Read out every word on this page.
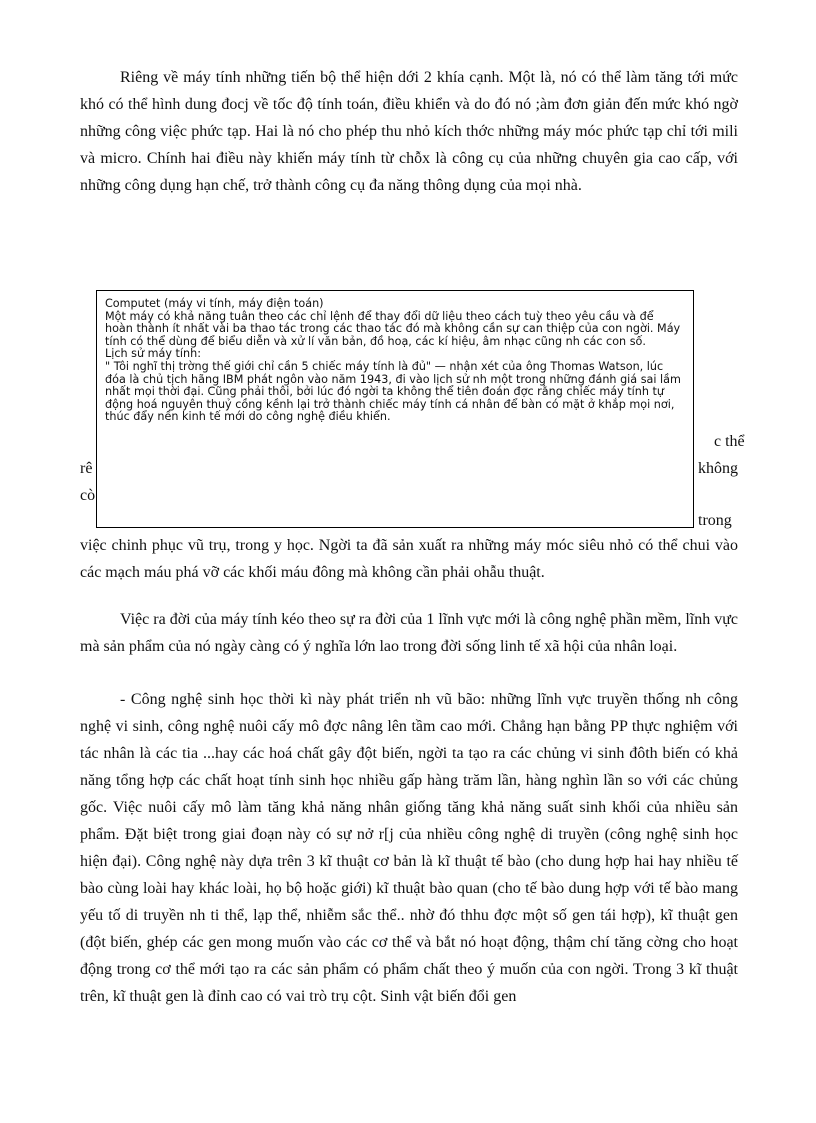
Riêng về máy tính những tiến bộ thể hiện dới 2 khía cạnh. Một là, nó có thể làm tăng tới mức khó có thể hình dung đocj về tốc độ tính toán, điều khiển và do đó nó ;àm đơn giản đến mức khó ngờ những công việc phức tạp. Hai là nó cho phép thu nhỏ kích thớc những máy móc phức tạp chỉ tới mili và micro. Chính hai điều này khiến máy tính từ chỗx là công cụ của những chuyên gia cao cấp, với những công dụng hạn chế, trở thành công cụ đa năng thông dụng của mọi nhà.

c thể
rê	không
cò
trong

Computet (máy vi tính, máy điện toán)

Một máy có khả năng tuân theo các chỉ lệnh để thay đổi dữ liệu theo cách tuỳ theo yêu cầu và để hoàn thành ít nhất vài ba thao tác trong các thao tác đó mà không cần sự can thiệp của con ngời. Máy tính có thể dùng để biểu diễn và xử lí văn bản, đồ hoạ, các kí hiệu, âm nhạc cũng nh các con số.

Lịch sử máy tính:

" Tôi nghĩ thị trờng thế giới chỉ cần 5 chiếc máy tính là đủ" — nhận xét của ông Thomas Watson, lúc đóa là chủ tịch hãng IBM phát ngôn vào năm 1943, đi vào lịch sử nh một trong những đánh giá sai lầm nhất mọi thời đại. Cũng phải thôi, bởi lúc đó ngời ta không thể tiên đoán đợc rằng chiếc máy tính tự động hoá nguyên thuỷ cồng kềnh lại trở thành chiếc máy tính cá nhân để bàn có mặt ở khắp mọi nơi, thúc đẩy nền kinh tế mới do công nghệ điều khiển.

việc chinh phục vũ trụ, trong y học. Ngời ta đã sản xuất ra những máy móc siêu nhỏ có thể chui vào các mạch máu phá vỡ các khối máu đông mà không cần phải ohẫu thuật.

Việc ra đời của máy tính kéo theo sự ra đời của 1 lĩnh vực mới là công nghệ phần mềm, lĩnh vực mà sản phẩm của nó ngày càng có ý nghĩa lớn lao trong đời sống linh tế xã hội của nhân loại.

- Công nghệ sinh học thời kì này phát triển nh vũ bão: những lĩnh vực truyền thống nh công nghệ vi sinh, công nghệ nuôi cấy mô đợc nâng lên tầm cao mới. Chẳng hạn bằng PP thực nghiệm với tác nhân là các tia ...hay các hoá chất gây đột biến, ngời ta tạo ra các chủng vi sinh đôth biến có khả năng tổng hợp các chất hoạt tính sinh học nhiều gấp hàng trăm lần, hàng nghìn lần so với các chủng gốc. Việc nuôi cấy mô làm tăng khả năng nhân giống tăng khả năng suất sinh khối của nhiều sản phẩm. Đặt biệt trong giai đoạn này có sự nở r[j của nhiều công nghệ di truyền (công nghệ sinh học hiện đại). Công nghệ này dựa trên 3 kĩ thuật cơ bản là kĩ thuật tế bào (cho dung hợp hai hay nhiều tế bào cùng loài hay khác loài, họ bộ hoặc giới) kĩ thuật bào quan (cho tế bào dung hợp với tế bào mang yếu tố di truyền nh ti thể, lạp thể, nhiễm sắc thể.. nhờ đó thhu đợc một số gen tái hợp), kĩ thuật gen (đột biến, ghép các gen mong muốn vào các cơ thể và bắt nó hoạt động, thậm chí tăng cờng cho hoạt động trong cơ thể mới tạo ra các sản phẩm có phẩm chất theo ý muốn của con ngời. Trong 3 kĩ thuật trên, kĩ thuật gen là đỉnh cao có vai trò trụ cột. Sinh vật biến đổi gen
